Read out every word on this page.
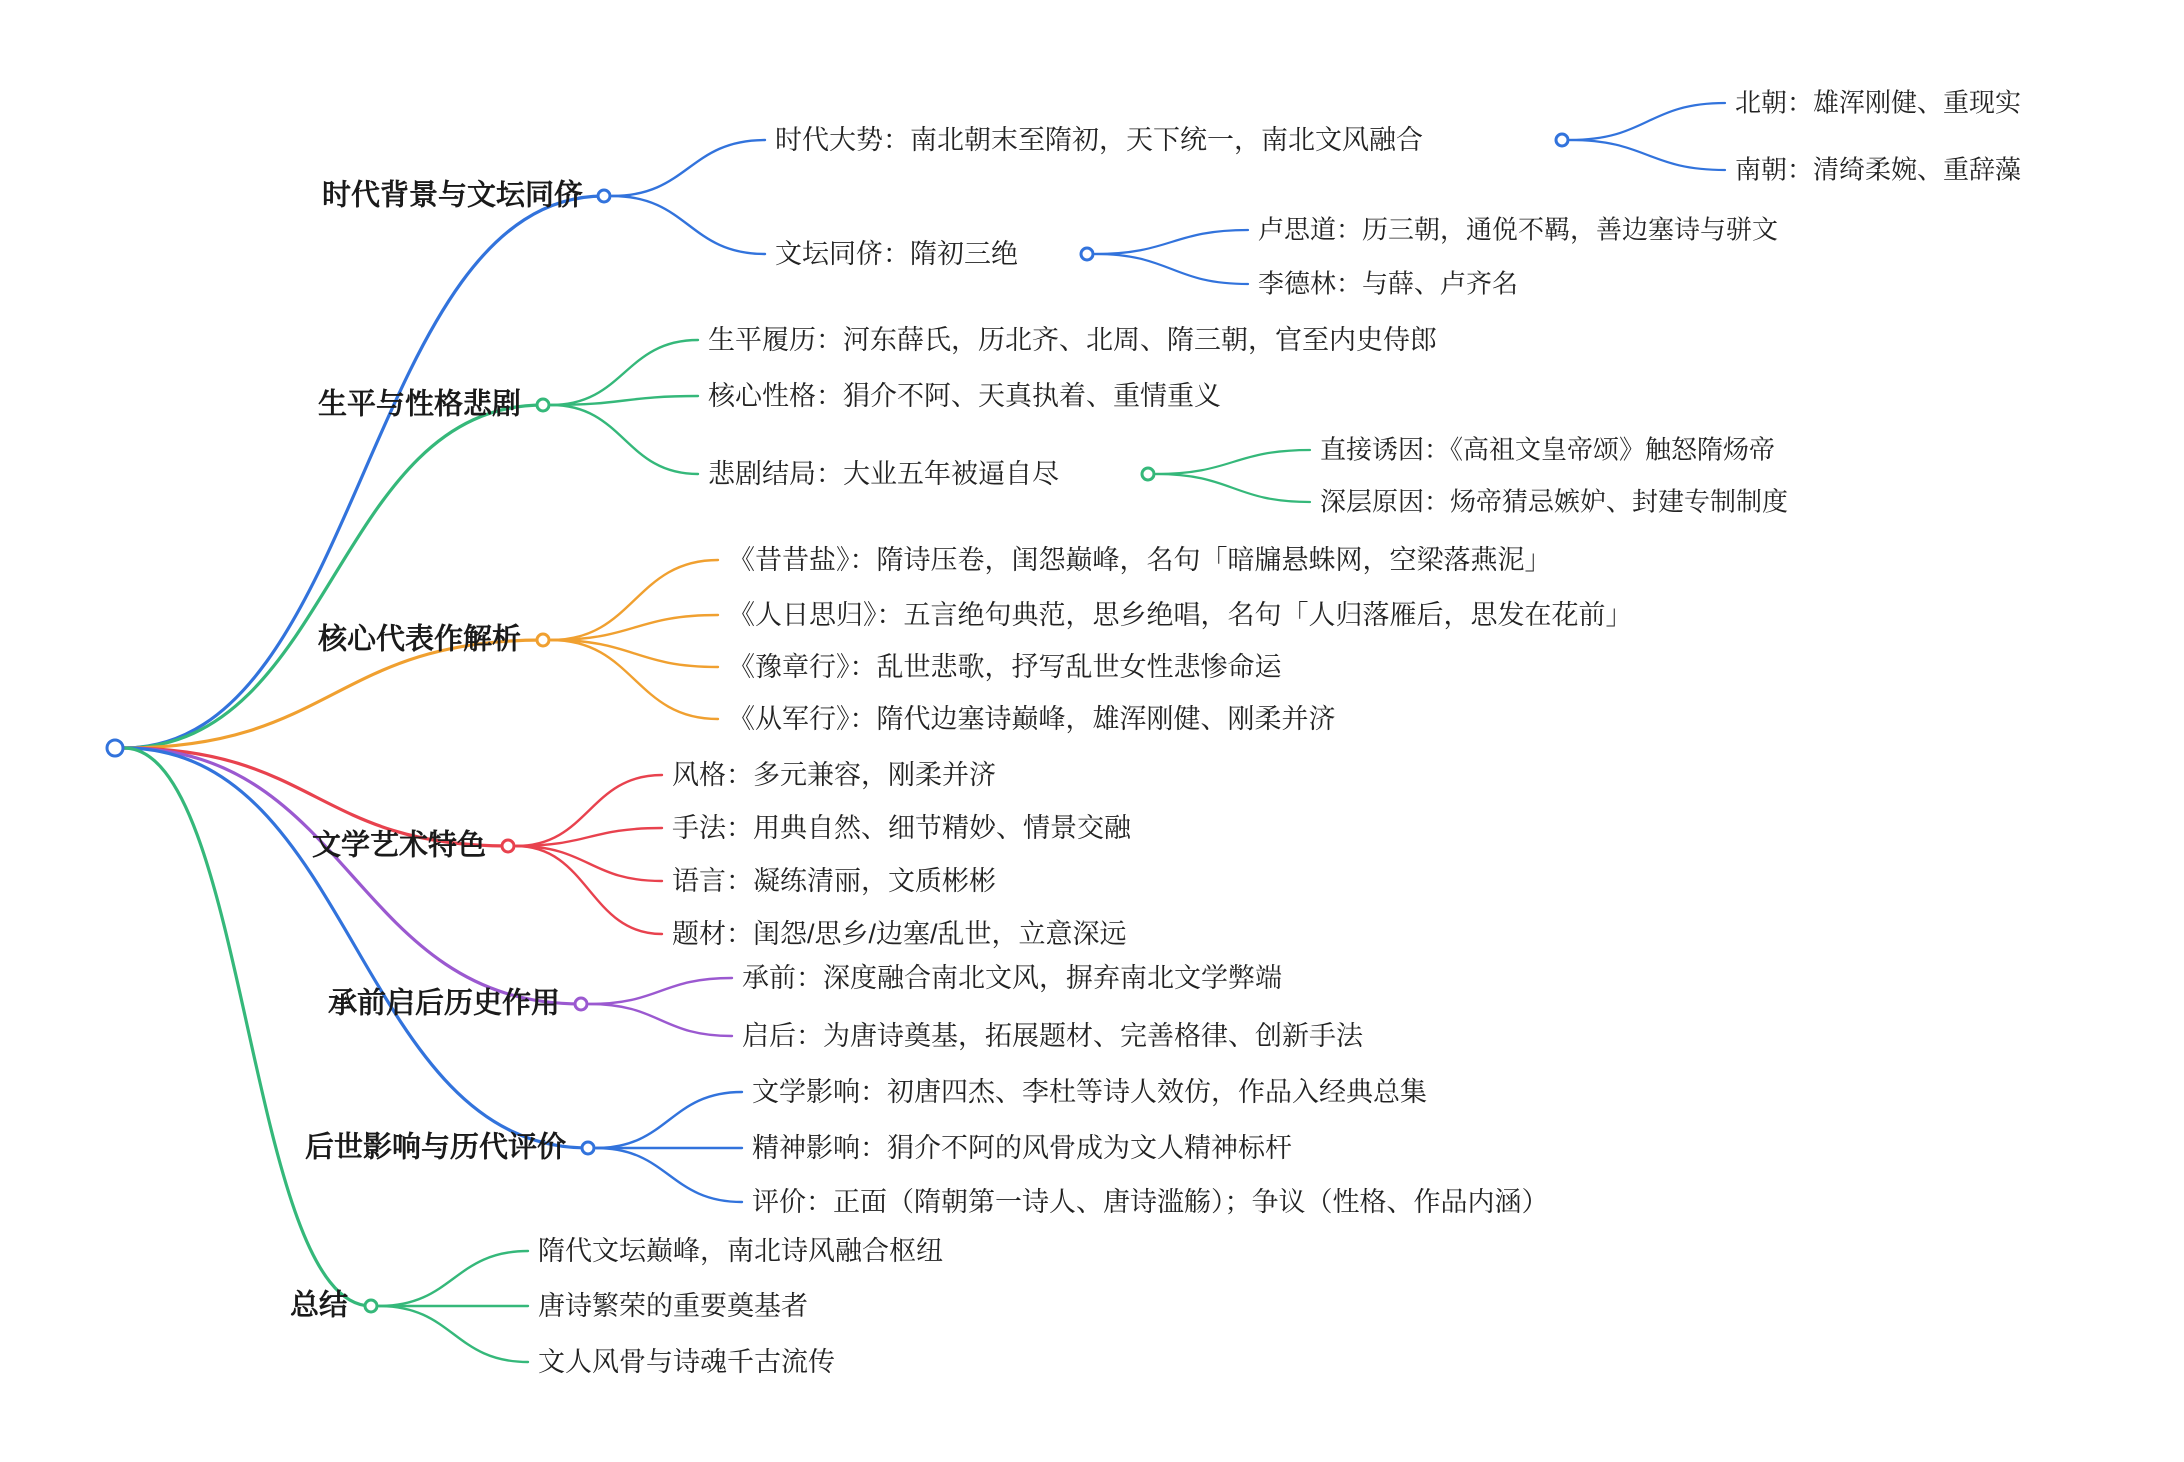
时代背景与文坛同侪
时代大势：南北朝末至隋初，天下统一，南北文风融合
北朝：雄浑刚健、重现实
南朝：清绮柔婉、重辞藻
文坛同侪：隋初三绝
卢思道：历三朝，通侻不羁，善边塞诗与骈文
李德林：与薛、卢齐名
生平与性格悲剧
生平履历：河东薛氏，历北齐、北周、隋三朝，官至内史侍郎
核心性格：狷介不阿、天真执着、重情重义
悲剧结局：大业五年被逼自尽
直接诱因：《高祖文皇帝颂》触怒隋炀帝
深层原因：炀帝猜忌嫉妒、封建专制制度
核心代表作解析
《昔昔盐》：隋诗压卷，闺怨巅峰，名句「暗牖悬蛛网，空梁落燕泥」
《人日思归》：五言绝句典范，思乡绝唱，名句「人归落雁后，思发在花前」
《豫章行》：乱世悲歌，抒写乱世女性悲惨命运
《从军行》：隋代边塞诗巅峰，雄浑刚健、刚柔并济
文学艺术特色
风格：多元兼容，刚柔并济
手法：用典自然、细节精妙、情景交融
语言：凝练清丽，文质彬彬
题材：闺怨/思乡/边塞/乱世，立意深远
承前启后历史作用
承前：深度融合南北文风，摒弃南北文学弊端
启后：为唐诗奠基，拓展题材、完善格律、创新手法
后世影响与历代评价
文学影响：初唐四杰、李杜等诗人效仿，作品入经典总集
精神影响：狷介不阿的风骨成为文人精神标杆
评价：正面（隋朝第一诗人、唐诗滥觞）；争议（性格、作品内涵）
总结
隋代文坛巅峰，南北诗风融合枢纽
唐诗繁荣的重要奠基者
文人风骨与诗魂千古流传
